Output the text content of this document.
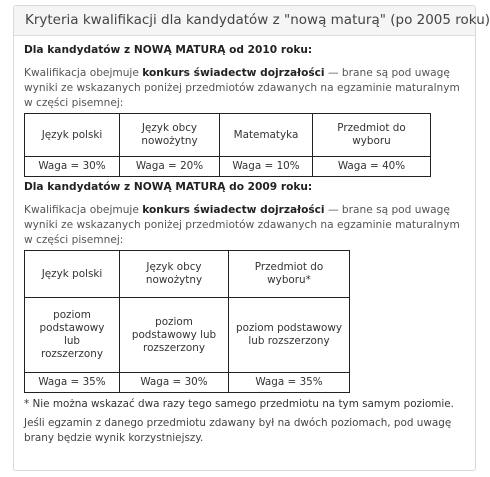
Kryteria kwalifikacji dla kandydatów z "nową maturą" (po 2005 roku)
Dla kandydatów z NOWĄ MATURĄ od 2010 roku:

Kwalifikacja obejmuje konkurs świadectw dojrzałości — brane są pod uwagę wyniki ze wskazanych poniżej przedmiotów zdawanych na egzaminie maturalnym w części pisemnej:

Język polski	Język obcy nowożytny	Matematyka	Przedmiot do wyboru
Waga = 30%	Waga = 20%	Waga = 10%	Waga = 40%
Dla kandydatów z NOWĄ MATURĄ do 2009 roku:

Kwalifikacja obejmuje konkurs świadectw dojrzałości — brane są pod uwagę wyniki ze wskazanych poniżej przedmiotów zdawanych na egzaminie maturalnym w części pisemnej:

Język polski	Język obcy nowożytny	Przedmiot do wyboru*
poziom podstawowy lub rozszerzony	poziom podstawowy lub rozszerzony	poziom podstawowy lub rozszerzony
Waga = 35%	Waga = 30%	Waga = 35%
* Nie można wskazać dwa razy tego samego przedmiotu na tym samym poziomie.

Jeśli egzamin z danego przedmiotu zdawany był na dwóch poziomach, pod uwagę brany będzie wynik korzystniejszy.
